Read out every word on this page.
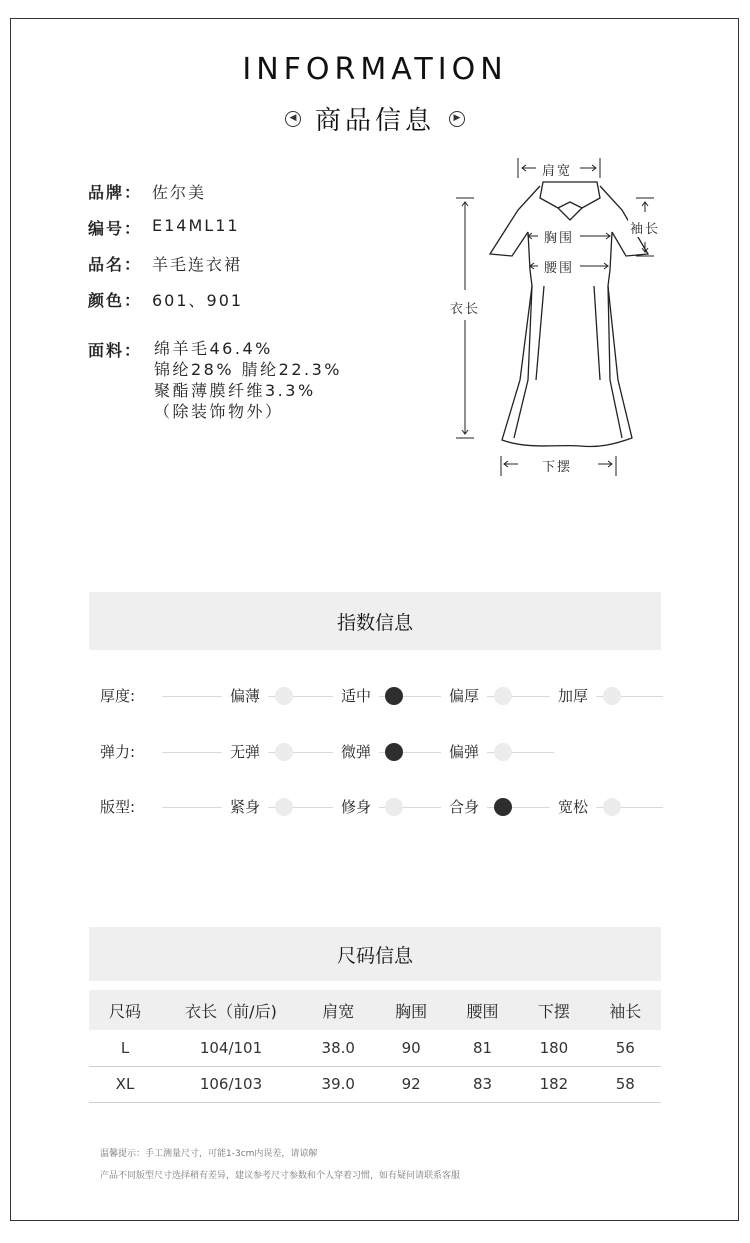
INFORMATION
◀ 商品信息	▶
品牌： 佐尔美
编号： E14ML11
品名： 羊毛连衣裙
颜色： 601、901
面料： 绵羊毛46.4%
锦纶28% 腈纶22.3%
聚酯薄膜纤维3.3%
（除装饰物外）
肩宽
袖长
胸围
腰围
衣长
下摆
指数信息
厚度:	偏薄	适中	偏厚	加厚
弹力:	无弹	微弹	偏弹
版型:	紧身	修身	合身	宽松
尺码信息
尺码	衣长（前/后)	肩宽	胸围	腰围	下摆	袖长
L	104/101	38.0	90	81	180	56
XL	106/103	39.0	92	83	182	58
温馨提示：手工测量尺寸，可能1-3cm内误差，请谅解
产品不同版型尺寸选择稍有差异，建议参考尺寸参数和个人穿着习惯，如有疑问请联系客服
